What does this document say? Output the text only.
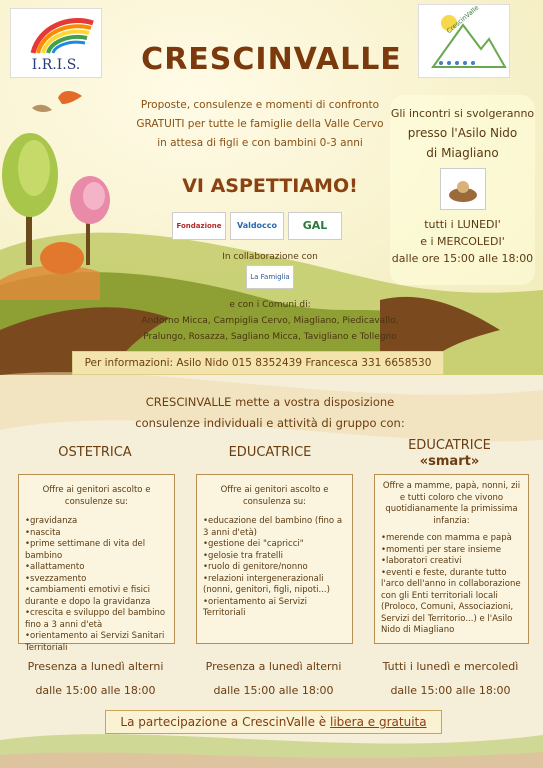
I.R.I.S.
CrescinValle
CRESCINVALLE
Proposte, consulenze e momenti di confronto
GRATUITI per tutte le famiglie della Valle Cervo
in attesa di figli e con bambini 0-3 anni
VI ASPETTIAMO!
Fondazione	Valdocco	GAL
In collaborazione con
La Famiglia
e con i Comuni di:
Andorno Micca, Campiglia Cervo, Miagliano, Piedicavallo,
Pralungo, Rosazza, Sagliano Micca, Tavigliano e Tollegno
Gli incontri si svolgeranno
presso l'Asilo Nido
di Miagliano
tutti i LUNEDI'
e i MERCOLEDI'
dalle ore 15:00 alle 18:00
Per informazioni: Asilo Nido 015 8352439 Francesca 331 6658530
CRESCINVALLE mette a vostra disposizione
consulenze individuali e attività di gruppo con:
OSTETRICA
Offre ai genitori ascolto e consulenze su:
• gravidanza
• nascita
• prime settimane di vita del bambino
• allattamento
• svezzamento
• cambiamenti emotivi e fisici durante e dopo la gravidanza
• crescita e sviluppo del bambino fino a 3 anni d'età
• orientamento ai Servizi Sanitari Territoriali
Presenza a lunedì alterni
dalle 15:00 alle 18:00
EDUCATRICE
Offre ai genitori ascolto e consulenza su:
• educazione del bambino (fino a 3 anni d'età)
• gestione dei "capricci"
• gelosie tra fratelli
• ruolo di genitore/nonno
• relazioni intergenerazionali (nonni, genitori, figli, nipoti...)
• orientamento ai Servizi Territoriali
Presenza a lunedì alterni
dalle 15:00 alle 18:00
EDUCATRICE
«smart»
Offre a mamme, papà, nonni, zii e tutti coloro che vivono quotidianamente la primissima infanzia:
• merende con mamma e papà
• momenti per stare insieme
• laboratori creativi
• eventi e feste, durante tutto l'arco dell'anno in collaborazione con gli Enti territoriali locali (Proloco, Comuni, Associazioni, Servizi del Territorio...) e l'Asilo Nido di Miagliano
Tutti i lunedì e mercoledì
dalle 15:00 alle 18:00
La partecipazione a CrescinValle è libera e gratuita
